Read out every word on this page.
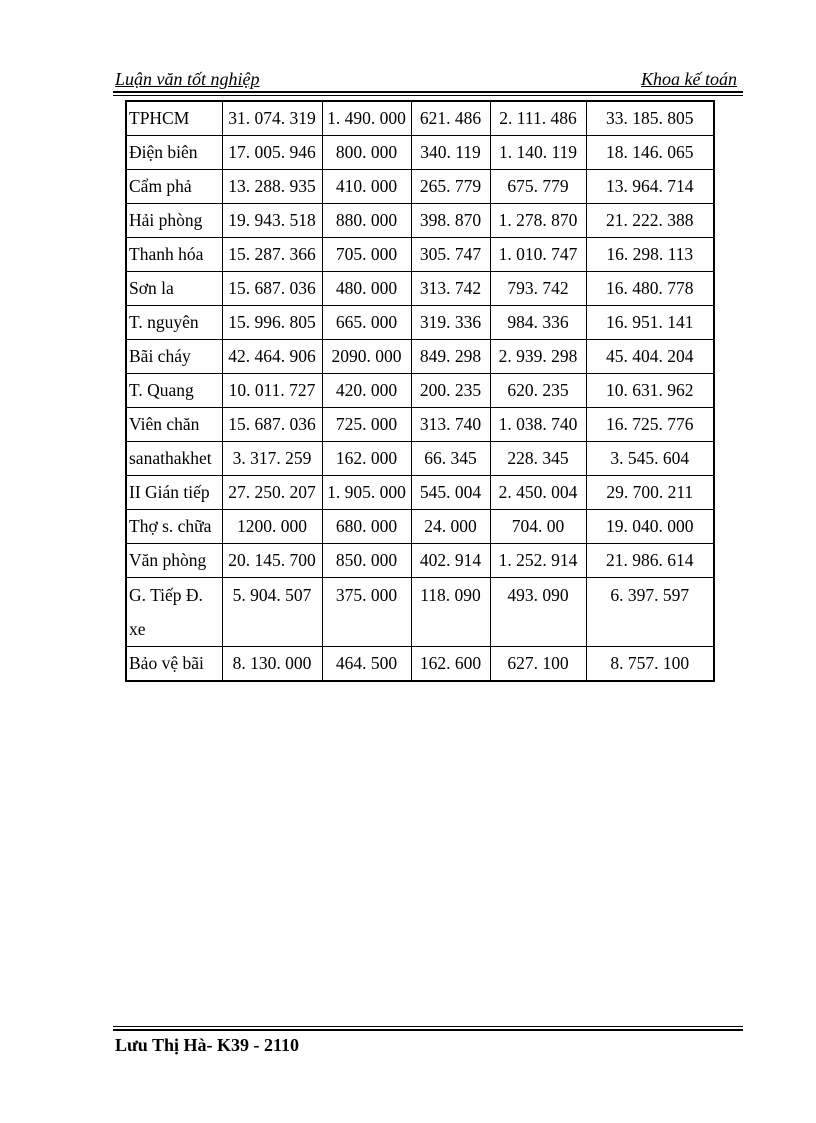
Luận văn tốt nghiệp	Khoa kế toán
TPHCM	31. 074. 319	1. 490. 000	621. 486	2. 111. 486	33. 185. 805
Điện biên	17. 005. 946	800. 000	340. 119	1. 140. 119	18. 146. 065
Cẩm phả	13. 288. 935	410. 000	265. 779	675. 779	13. 964. 714
Hải phòng	19. 943. 518	880. 000	398. 870	1. 278. 870	21. 222. 388
Thanh hóa	15. 287. 366	705. 000	305. 747	1. 010. 747	16. 298. 113
Sơn la	15. 687. 036	480. 000	313. 742	793. 742	16. 480. 778
T. nguyên	15. 996. 805	665. 000	319. 336	984. 336	16. 951. 141
Bãi cháy	42. 464. 906	2090. 000	849. 298	2. 939. 298	45. 404. 204
T. Quang	10. 011. 727	420. 000	200. 235	620. 235	10. 631. 962
Viên chăn	15. 687. 036	725. 000	313. 740	1. 038. 740	16. 725. 776
sanathakhet	3. 317. 259	162. 000	66. 345	228. 345	3. 545. 604
II Gián tiếp	27. 250. 207	1. 905. 000	545. 004	2. 450. 004	29. 700. 211
Thợ s. chữa	1200. 000	680. 000	24. 000	704. 00	19. 040. 000
Văn phòng	20. 145. 700	850. 000	402. 914	1. 252. 914	21. 986. 614

G. Tiếp Đ. xe	5. 904. 507	375. 000	118. 090	493. 090	6. 397. 597
Bảo vệ bãi	8. 130. 000	464. 500	162. 600	627. 100	8. 757. 100
Lưu Thị Hà- K39 - 2110
